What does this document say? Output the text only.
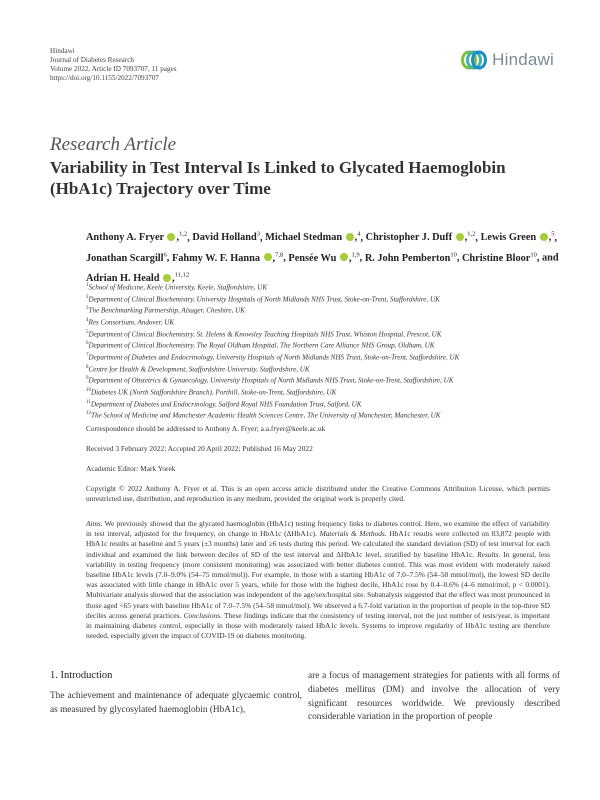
Hindawi
Journal of Diabetes Research
Volume 2022, Article ID 7093707, 11 pages
https://doi.org/10.1155/2022/7093707
Hindawi
Research Article
Variability in Test Interval Is Linked to Glycated Haemoglobin
(HbA1c) Trajectory over Time

Anthony A. Fryer ,$^{1,2}$, David Holland$^3$, Michael Stedman ,$^4$, Christopher J. Duff ,$^{1,2}$, Lewis Green ,$^5$, Jonathan Scargill$^6$, Fahmy W. F. Hanna ,$^{7,8}$, Pensée Wu ,$^{1,9}$, R. John Pemberton$^{10}$, Christine Bloor$^{10}$, and Adrian H. Heald ,$^{11,12}$

$^1$School of Medicine, Keele University, Keele, Staffordshire, UK
$^2$Department of Clinical Biochemistry, University Hospitals of North Midlands NHS Trust, Stoke-on-Trent, Staffordshire, UK
$^3$The Benchmarking Partnership, Alsager, Cheshire, UK
$^4$Res Consortium, Andover, UK
$^5$Department of Clinical Biochemistry, St. Helens & Knowsley Teaching Hospitals NHS Trust, Whiston Hospital, Prescot, UK
$^6$Department of Clinical Biochemistry, The Royal Oldham Hospital, The Northern Care Alliance NHS Group, Oldham, UK
$^7$Department of Diabetes and Endocrinology, University Hospitals of North Midlands NHS Trust, Stoke-on-Trent, Staffordshire, UK
$^8$Centre for Health & Development, Staffordshire University, Staffordshire, UK
$^9$Department of Obstetrics & Gynaecology, University Hospitals of North Midlands NHS Trust, Stoke-on-Trent, Staffordshire, UK
$^{10}$Diabetes UK (North Staffordshire Branch), Porthill, Stoke-on-Trent, Staffordshire, UK
$^{11}$Department of Diabetes and Endocrinology, Salford Royal NHS Foundation Trust, Salford, UK
$^{12}$The School of Medicine and Manchester Academic Health Sciences Centre, The University of Manchester, Manchester, UK
Correspondence should be addressed to Anthony A. Fryer; a.a.fryer@keele.ac.uk
Received 3 February 2022; Accepted 20 April 2022; Published 16 May 2022
Academic Editor: Mark Yorek

Copyright © 2022 Anthony A. Fryer et al. This is an open access article distributed under the Creative Commons Attribution License, which permits unrestricted use, distribution, and reproduction in any medium, provided the original work is properly cited.

Aims. We previously showed that the glycated haemoglobin (HbA1c) testing frequency links to diabetes control. Here, we examine the effect of variability in test interval, adjusted for the frequency, on change in HbA1c (ΔHbA1c). Materials & Methods. HbA1c results were collected on 83,872 people with HbA1c results at baseline and 5 years (±3 months) later and ≥6 tests during this period. We calculated the standard deviation (SD) of test interval for each individual and examined the link between deciles of SD of the test interval and ΔHbA1c level, stratified by baseline HbA1c. Results. In general, less variability in testing frequency (more consistent monitoring) was associated with better diabetes control. This was most evident with moderately raised baseline HbA1c levels (7.0–9.0% (54–75 mmol/mol)). For example, in those with a starting HbA1c of 7.0–7.5% (54–58 mmol/mol), the lowest SD decile was associated with little change in HbA1c over 5 years, while for those with the highest decile, HbA1c rose by 0.4–0.6% (4–6 mmol/mol; p < 0.0001). Multivariate analysis showed that the association was independent of the age/sex/hospital site. Subanalysis suggested that the effect was most pronounced in those aged <65 years with baseline HbA1c of 7.0–7.5% (54–58 mmol/mol). We observed a 6.7-fold variation in the proportion of people in the top-three SD deciles across general practices. Conclusions. These findings indicate that the consistency of testing interval, not the just number of tests/year, is important in maintaining diabetes control, especially in those with moderately raised HbA1c levels. Systems to improve regularity of HbA1c testing are therefore needed, especially given the impact of COVID-19 on diabetes monitoring.

1. Introduction

The achievement and maintenance of adequate glycaemic control, as measured by glycosylated haemoglobin (HbA1c),

are a focus of management strategies for patients with all forms of diabetes mellitus (DM) and involve the allocation of very significant resources worldwide. We previously described considerable variation in the proportion of people
